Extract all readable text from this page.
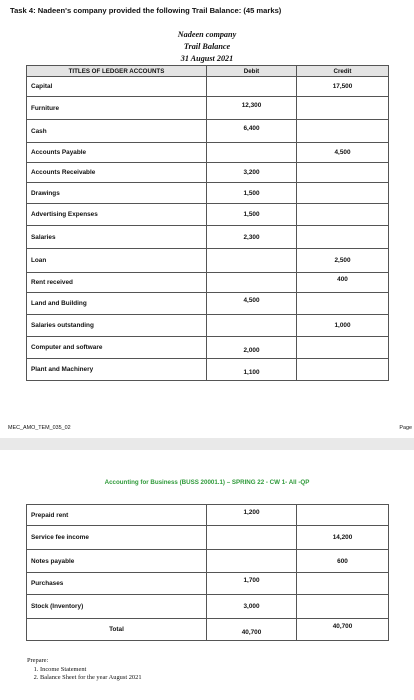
Task 4: Nadeen's company provided the following Trail Balance: (45 marks)
Nadeen company
Trail Balance
31 August 2021
TITLES OF LEDGER ACCOUNTS	Debit	Credit
Capital		17,500
Furniture	12,300	

Cash	6,400	

Accounts Payable		4,500
Accounts Receivable	3,200	
Drawings	1,500	
Advertising Expenses	1,500	
Salaries	2,300	
Loan		2,500
Rent received		400

Land and Building	4,500	

Salaries outstanding		1,000
Computer and software	2,000	

Plant and Machinery	1,100	

MEC_AMO_TEM_035_02	Page
Accounting for Business (BUSS 20001.1) – SPRING 22 - CW 1- All -QP
Prepaid rent	1,200	

Service fee income		14,200
Notes payable		600
Purchases	1,700	

Stock (Inventory)	3,000	
Total	40,700	40,700
Prepare:
1. Income Statement
2. Balance Sheet for the year August 2021
